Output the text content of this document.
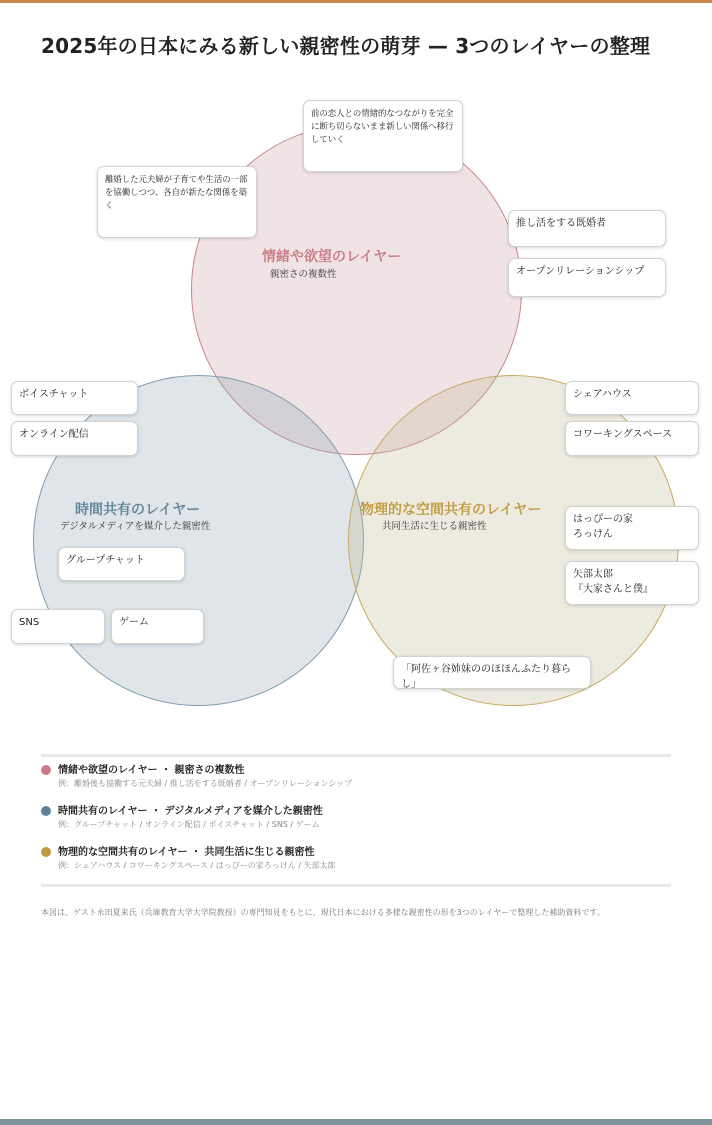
2025年の日本にみる新しい親密性の萌芽 — 3つのレイヤーの整理
情緒や欲望のレイヤー
親密さの複数性
時間共有のレイヤー
デジタルメディアを媒介した親密性
物理的な空間共有のレイヤー
共同生活に生じる親密性
前の恋人との情緒的なつながりを完全に断ち切らないまま新しい関係へ移行していく
離婚した元夫婦が子育てや生活の一部を協働しつつ、各自が新たな関係を築く
推し活をする既婚者
オープンリレーションシップ
ボイスチャット
オンライン配信
グループチャット
SNS	ゲーム
シェアハウス
コワーキングスペース
はっぴーの家
ろっけん
矢部太郎
『大家さんと僕』
「阿佐ヶ谷姉妹ののほほんふたり暮らし」
情緒や欲望のレイヤー ・ 親密さの複数性
例：離婚後も協働する元夫婦 / 推し活をする既婚者 / オープンリレーションシップ
時間共有のレイヤー ・ デジタルメディアを媒介した親密性
例：グループチャット / オンライン配信 / ボイスチャット / SNS / ゲーム
物理的な空間共有のレイヤー ・ 共同生活に生じる親密性
例：シェアハウス / コワーキングスペース / はっぴーの家ろっけん / 矢部太郎
本図は、ゲスト永田夏来氏（兵庫教育大学大学院教授）の専門知見をもとに、現代日本における多様な親密性の形を3つのレイヤーで整理した補助資料です。
